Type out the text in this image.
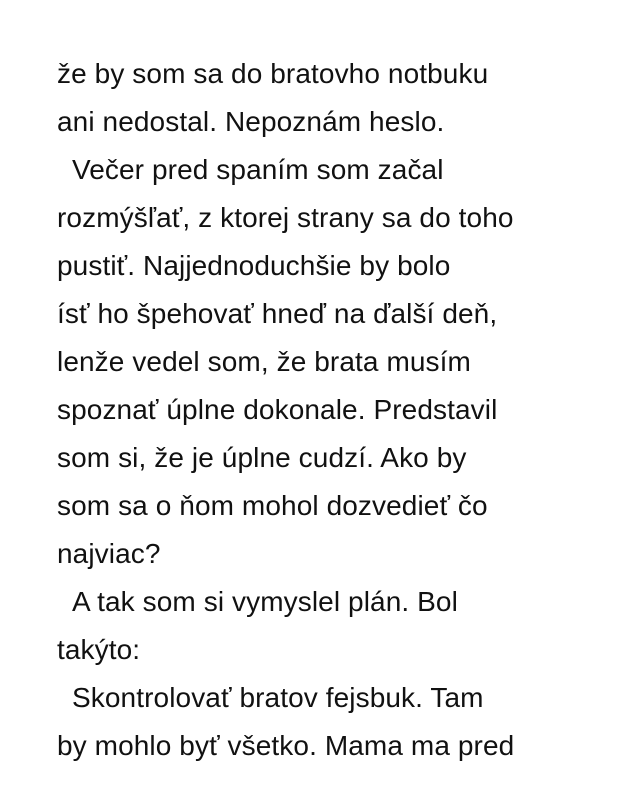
že by som sa do bratovho notbuku
ani nedostal. Nepoznám heslo.
Večer pred spaním som začal
rozmýšľať, z ktorej strany sa do toho
pustiť. Najjednoduchšie by bolo
ísť ho špehovať hneď na ďalší deň,
lenže vedel som, že brata musím
spoznať úplne dokonale. Predstavil
som si, že je úplne cudzí. Ako by
som sa o ňom mohol dozvedieť čo
najviac?
A tak som si vymyslel plán. Bol
takýto:
Skontrolovať bratov fejsbuk. Tam
by mohlo byť všetko. Mama ma pred
